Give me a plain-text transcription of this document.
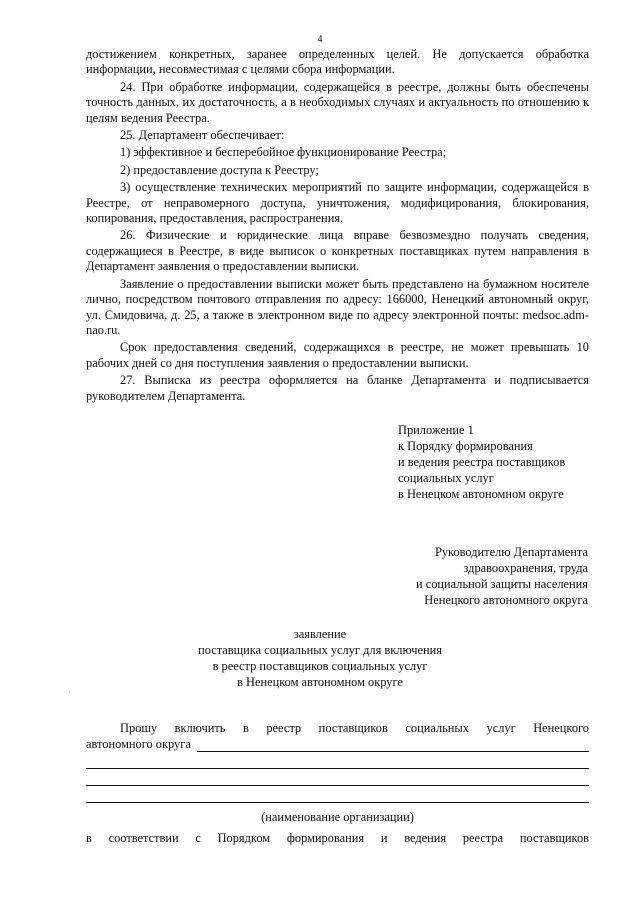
4

достижением конкретных, заранее определенных целей. Не допускается обработка информации, несовместимая с целями сбора информации.

24. При обработке информации, содержащейся в реестре, должны быть обеспечены точность данных, их достаточность, а в необходимых случаях и актуальность по отношению к целям ведения Реестра.

25. Департамент обеспечивает:

1) эффективное и бесперебойное функционирование Реестра;

2) предоставление доступа к Реестру;

3) осуществление технических мероприятий по защите информации, содержащейся в Реестре, от неправомерного доступа, уничтожения, модифицирования, блокирования, копирования, предоставления, распространения.

26. Физические и юридические лица вправе безвозмездно получать сведения, содержащиеся в Реестре, в виде выписок о конкретных поставщиках путем направления в Департамент заявления о предоставлении выписки.

Заявление о предоставлении выписки может быть представлено на бумажном носителе лично, посредством почтового отправления по адресу: 166000, Ненецкий автономный округ, ул. Смидовича, д. 25, а также в электронном виде по адресу электронной почты: medsoc.adm-nao.ru.

Срок предоставления сведений, содержащихся в реестре, не может превышать 10 рабочих дней со дня поступления заявления о предоставлении выписки.

27. Выписка из реестра оформляется на бланке Департамента и подписывается руководителем Департамента.

Приложение 1
к Порядку формирования
и ведения реестра поставщиков
социальных услуг
в Ненецком автономном округе
Руководителю Департамента
здравоохранения, труда
и социальной защиты населения
Ненецкого автономного округа
·
заявление
поставщика социальных услуг для включения
в реестр поставщиков социальных услуг
в Ненецком автономном округе
Прошу включить в реестр поставщиков социальных услуг Ненецкого
автономного округа
(наименование организации)
в соответствии с Порядком формирования и ведения реестра поставщиков
